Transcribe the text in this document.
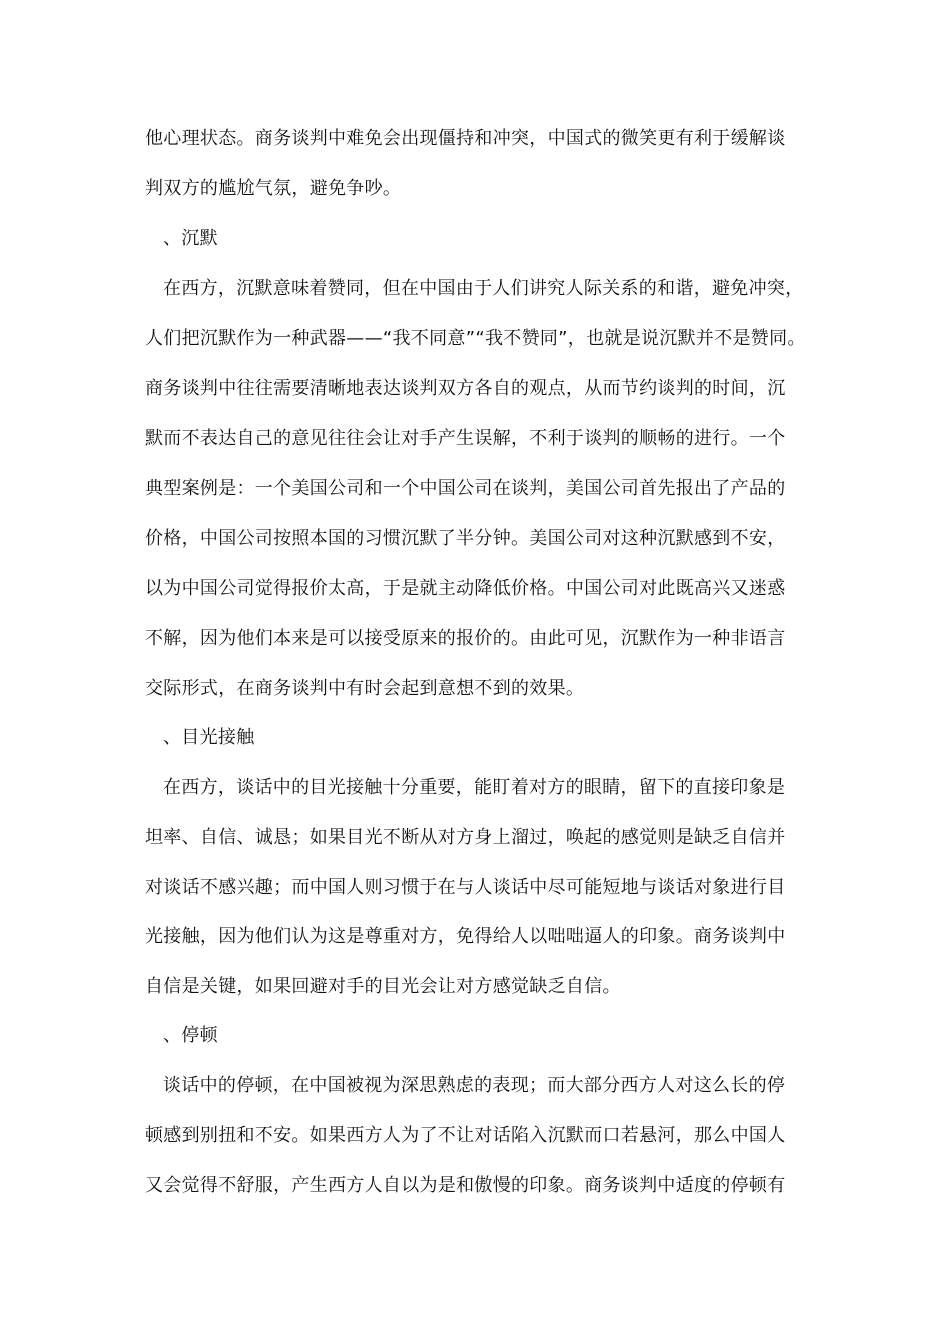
他心理状态。商务谈判中难免会出现僵持和冲突，中国式的微笑更有利于缓解谈
判双方的尴尬气氛，避免争吵。
、沉默
在西方，沉默意味着赞同，但在中国由于人们讲究人际关系的和谐，避免冲突，
人们把沉默作为一种武器——“我不同意”“我不赞同”，也就是说沉默并不是赞同。
商务谈判中往往需要清晰地表达谈判双方各自的观点，从而节约谈判的时间，沉
默而不表达自己的意见往往会让对手产生误解，不利于谈判的顺畅的进行。一个
典型案例是：一个美国公司和一个中国公司在谈判，美国公司首先报出了产品的
价格，中国公司按照本国的习惯沉默了半分钟。美国公司对这种沉默感到不安，
以为中国公司觉得报价太高，于是就主动降低价格。中国公司对此既高兴又迷惑
不解，因为他们本来是可以接受原来的报价的。由此可见，沉默作为一种非语言
交际形式，在商务谈判中有时会起到意想不到的效果。
、目光接触
在西方，谈话中的目光接触十分重要，能盯着对方的眼睛，留下的直接印象是
坦率、自信、诚恳；如果目光不断从对方身上溜过，唤起的感觉则是缺乏自信并
对谈话不感兴趣；而中国人则习惯于在与人谈话中尽可能短地与谈话对象进行目
光接触，因为他们认为这是尊重对方，免得给人以咄咄逼人的印象。商务谈判中
自信是关键，如果回避对手的目光会让对方感觉缺乏自信。
、停顿
谈话中的停顿，在中国被视为深思熟虑的表现；而大部分西方人对这么长的停
顿感到别扭和不安。如果西方人为了不让对话陷入沉默而口若悬河，那么中国人
又会觉得不舒服，产生西方人自以为是和傲慢的印象。商务谈判中适度的停顿有
